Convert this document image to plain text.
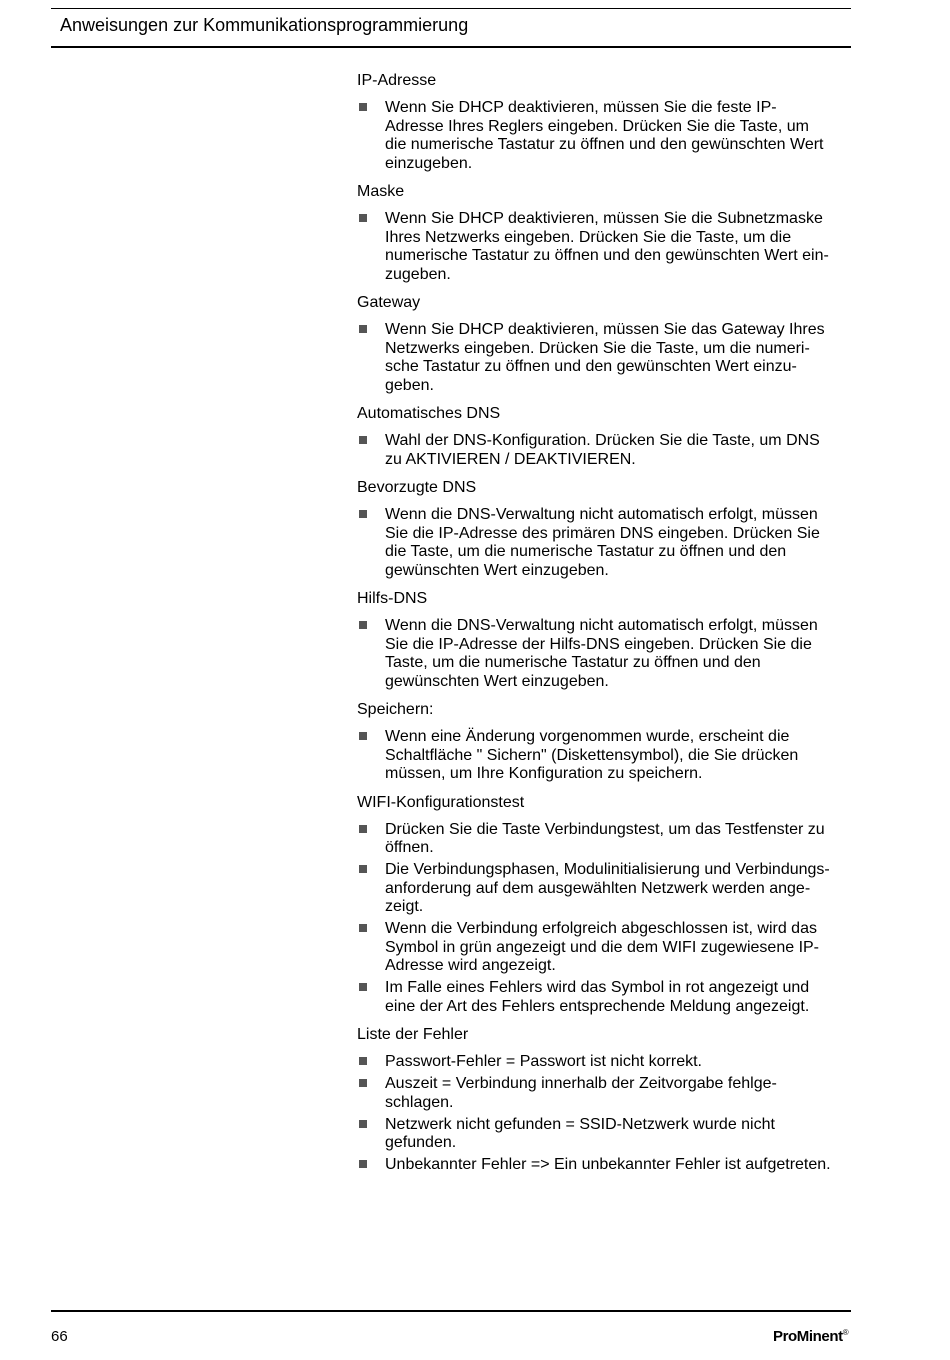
Anweisungen zur Kommunikationsprogrammierung
IP-Adresse
Wenn Sie DHCP deaktivieren, müssen Sie die feste IP-
Adresse Ihres Reglers eingeben. Drücken Sie die Taste, um
die numerische Tastatur zu öffnen und den gewünschten Wert
einzugeben.
Maske
Wenn Sie DHCP deaktivieren, müssen Sie die Subnetzmaske
Ihres Netzwerks eingeben. Drücken Sie die Taste, um die
numerische Tastatur zu öffnen und den gewünschten Wert ein-
zugeben.
Gateway
Wenn Sie DHCP deaktivieren, müssen Sie das Gateway Ihres
Netzwerks eingeben. Drücken Sie die Taste, um die numeri-
sche Tastatur zu öffnen und den gewünschten Wert einzu-
geben.
Automatisches DNS
Wahl der DNS-Konfiguration. Drücken Sie die Taste, um DNS
zu AKTIVIEREN / DEAKTIVIEREN.
Bevorzugte DNS
Wenn die DNS-Verwaltung nicht automatisch erfolgt, müssen
Sie die IP-Adresse des primären DNS eingeben. Drücken Sie
die Taste, um die numerische Tastatur zu öffnen und den
gewünschten Wert einzugeben.
Hilfs-DNS
Wenn die DNS-Verwaltung nicht automatisch erfolgt, müssen
Sie die IP-Adresse der Hilfs-DNS eingeben. Drücken Sie die
Taste, um die numerische Tastatur zu öffnen und den
gewünschten Wert einzugeben.
Speichern:
Wenn eine Änderung vorgenommen wurde, erscheint die
Schaltfläche " Sichern" (Diskettensymbol), die Sie drücken
müssen, um Ihre Konfiguration zu speichern.
WIFI-Konfigurationstest
Drücken Sie die Taste Verbindungstest, um das Testfenster zu
öffnen.
Die Verbindungsphasen, Modulinitialisierung und Verbindungs-
anforderung auf dem ausgewählten Netzwerk werden ange-
zeigt.
Wenn die Verbindung erfolgreich abgeschlossen ist, wird das
Symbol in grün angezeigt und die dem WIFI zugewiesene IP-
Adresse wird angezeigt.
Im Falle eines Fehlers wird das Symbol in rot angezeigt und
eine der Art des Fehlers entsprechende Meldung angezeigt.
Liste der Fehler
Passwort-Fehler = Passwort ist nicht korrekt.
Auszeit = Verbindung innerhalb der Zeitvorgabe fehlge-
schlagen.
Netzwerk nicht gefunden = SSID-Netzwerk wurde nicht
gefunden.
Unbekannter Fehler => Ein unbekannter Fehler ist aufgetreten.
66	ProMinent®
